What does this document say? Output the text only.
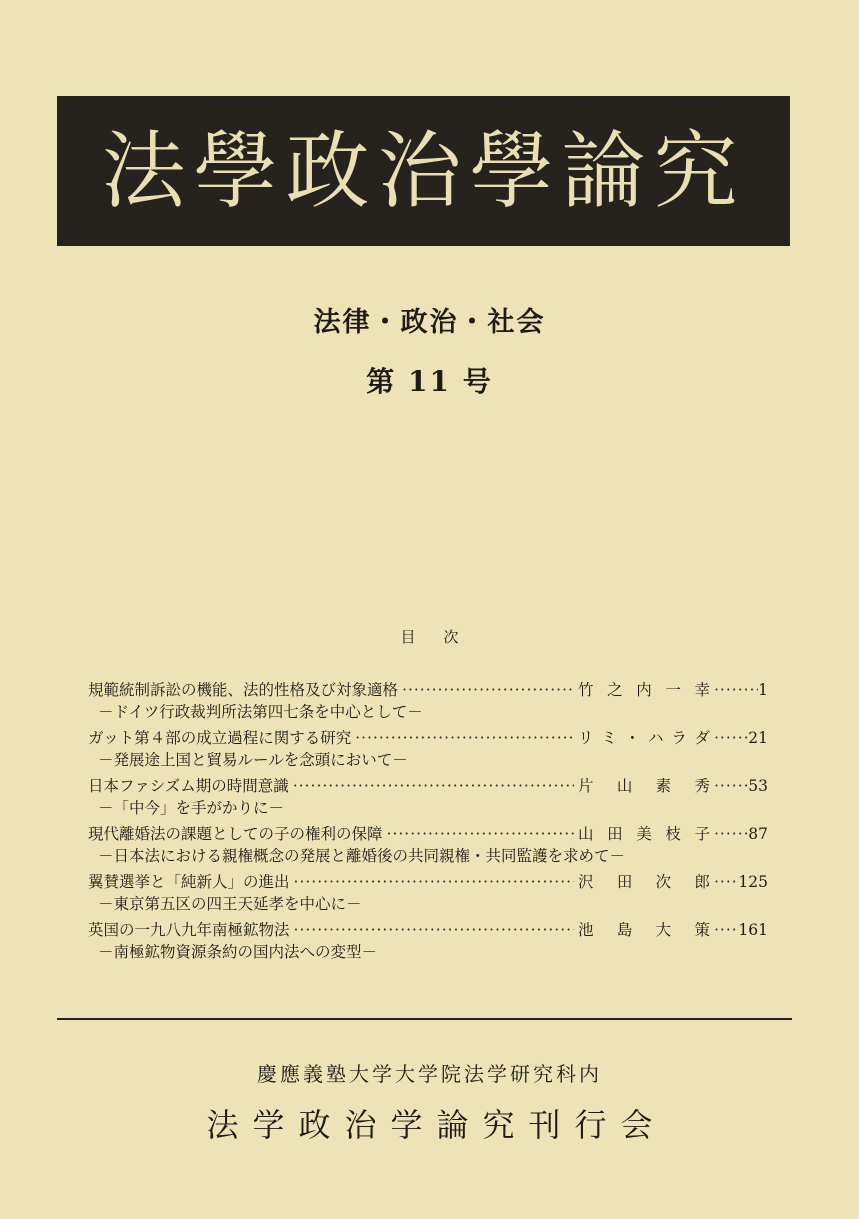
法學政治學論究
法律・政治・社会
第 11 号
目次
規範統制訴訟の機能、法的性格及び対象適格 ·····	竹之内一幸 ·····	1
－ドイツ行政裁判所法第四七条を中心として－
ガット第４部の成立過程に関する研究 ·····	リミ・ハラダ ····· 21
－発展途上国と貿易ルールを念頭において－
日本ファシズム期の時間意識 ·····	片山素秀 ····· 53
－「中今」を手がかりに－
現代離婚法の課題としての子の権利の保障 ·····	山田美枝子 ····· 87
－日本法における親権概念の発展と離婚後の共同親権・共同監護を求めて－
翼賛選挙と「純新人」の進出 ·····	沢田次郎 ····· 125
－東京第五区の四王天延孝を中心に－
英国の一九八九年南極鉱物法 ·····	池島大策 ····· 161
－南極鉱物資源条約の国内法への変型－
慶應義塾大学大学院法学研究科内
法学政治学論究刊行会
